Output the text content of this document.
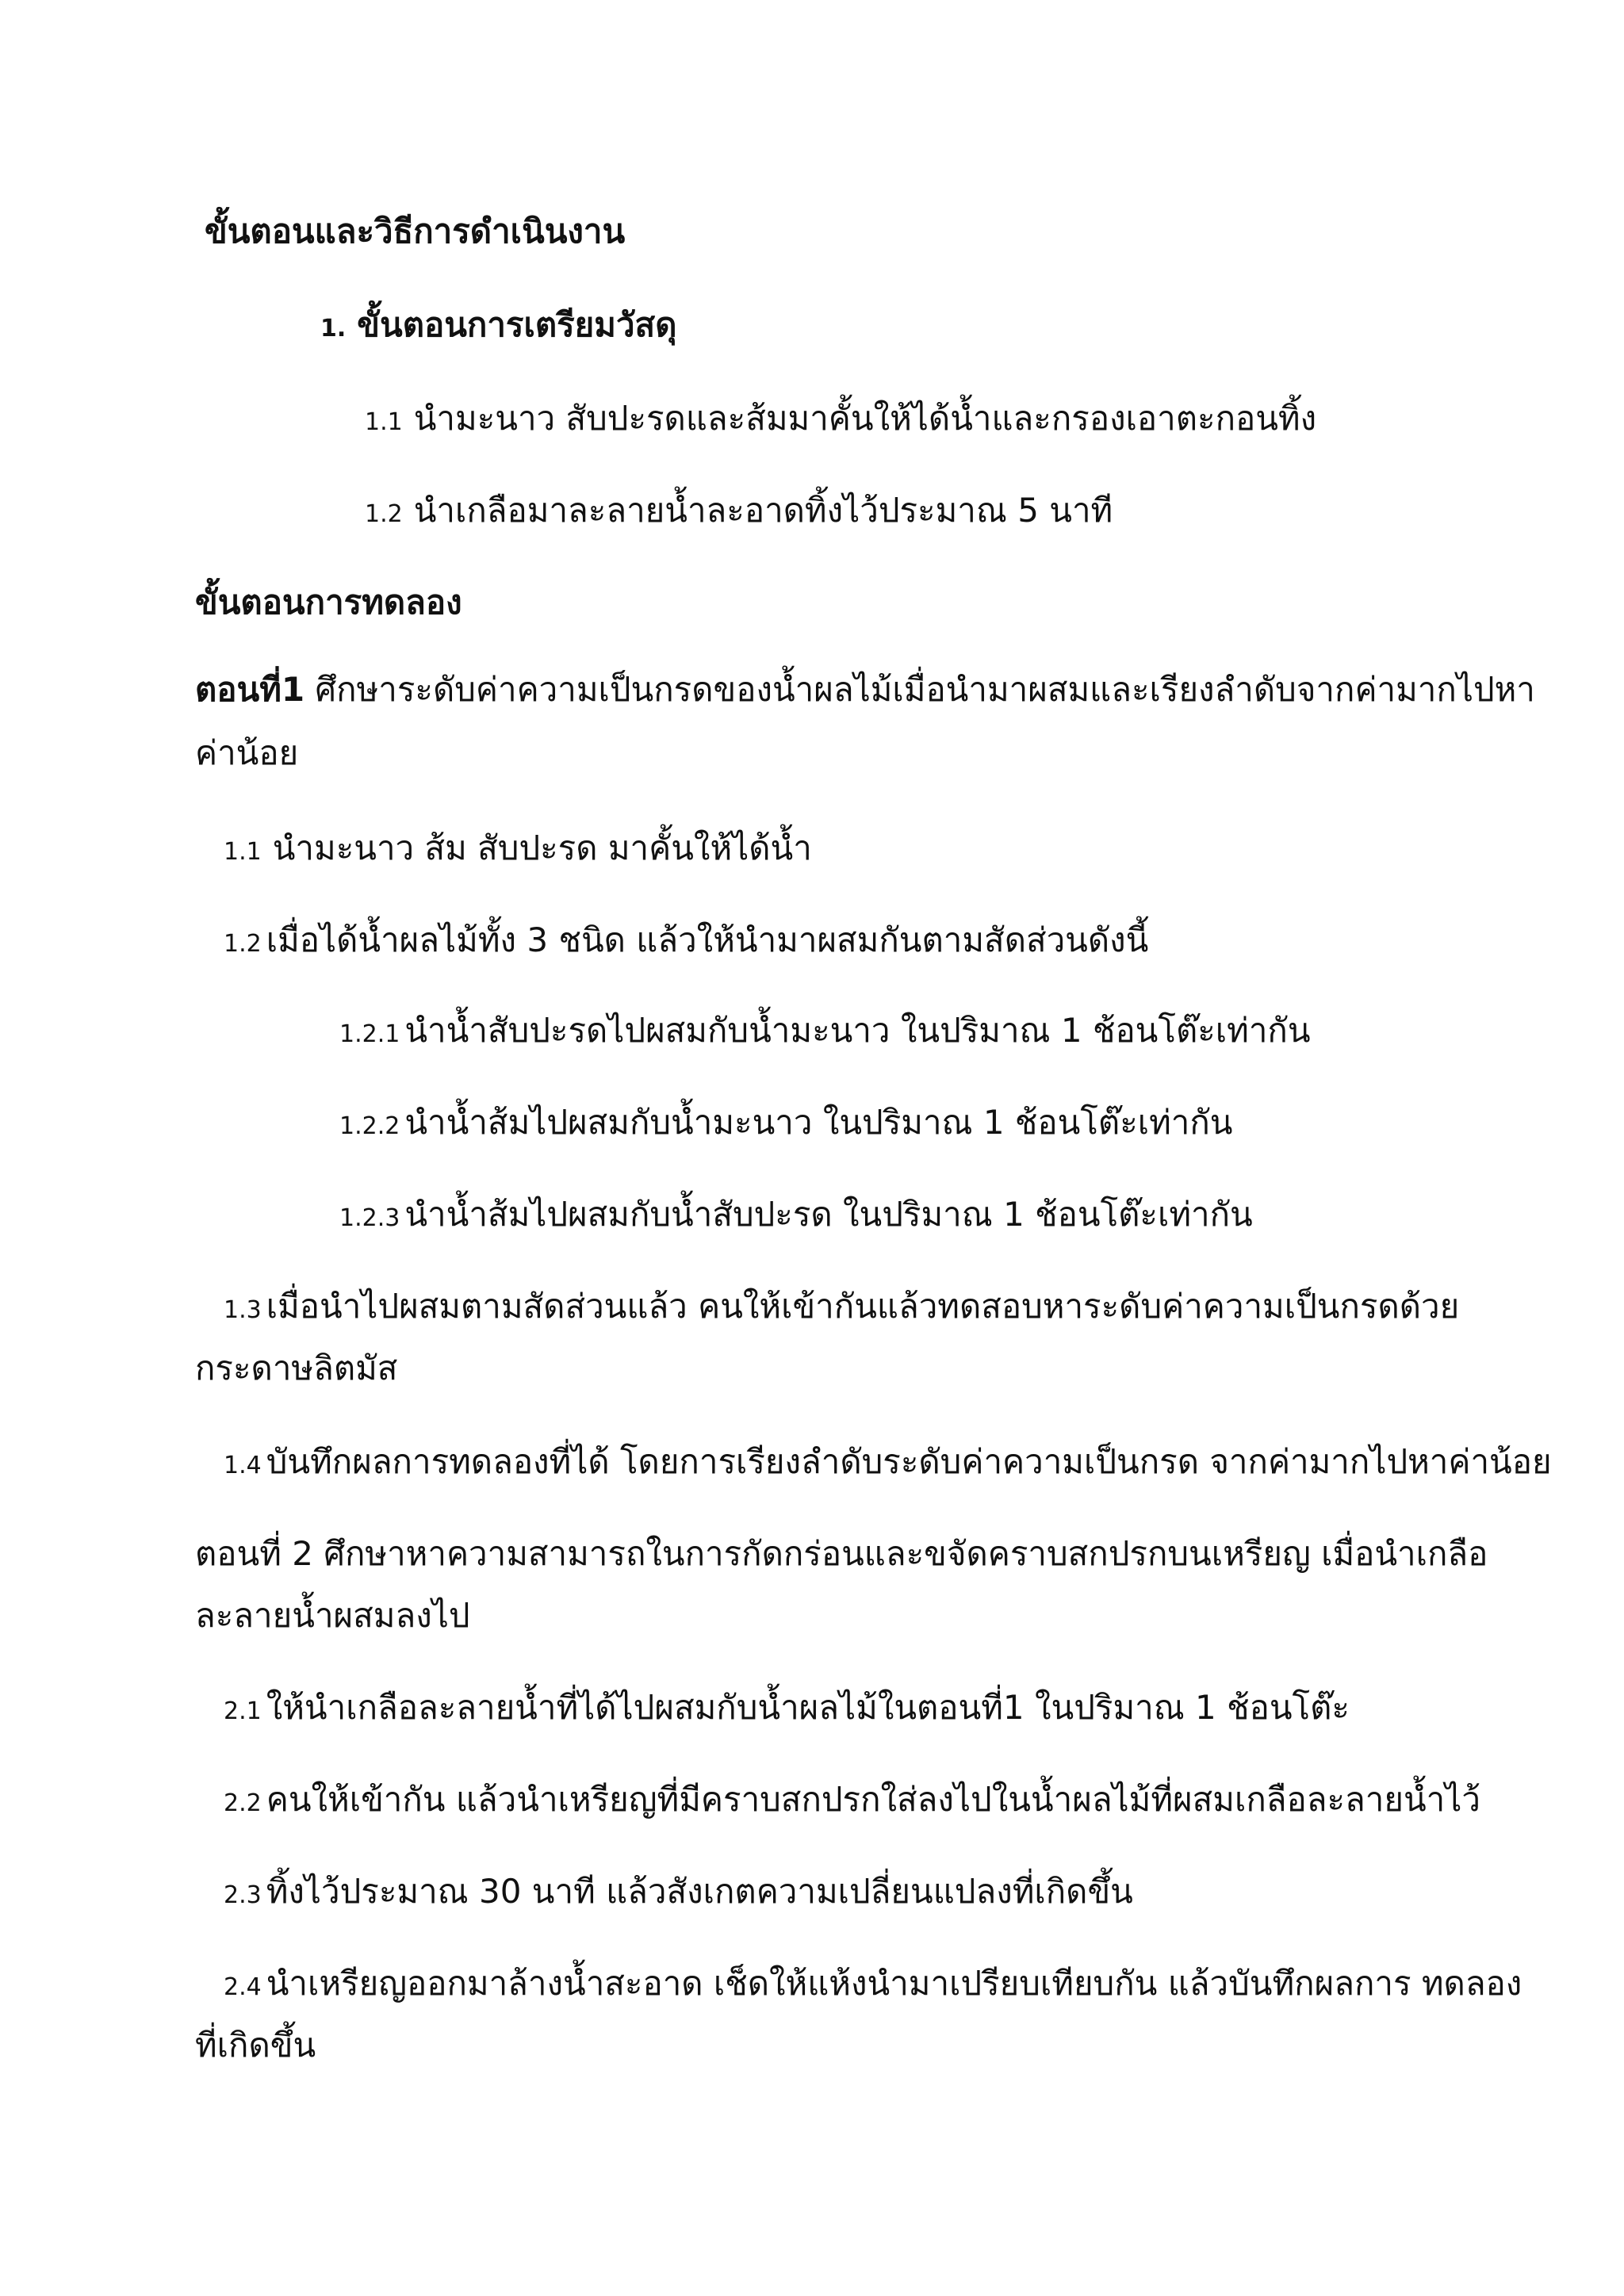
ขั้นตอนและวิธีการดำเนินงาน
1. ขั้นตอนการเตรียมวัสดุ
1.1 นำมะนาว สับปะรดและส้มมาคั้นให้ได้น้ำและกรองเอาตะกอนทิ้ง
1.2 นำเกลือมาละลายน้ำละอาดทิ้งไว้ประมาณ 5 นาที
ขั้นตอนการทดลอง
ตอนที่1 ศึกษาระดับค่าความเป็นกรดของน้ำผลไม้เมื่อนำมาผสมและเรียงลำดับจากค่ามากไปหา
ค่าน้อย
1.1 นำมะนาว ส้ม สับปะรด มาคั้นให้ได้น้ำ
1.2 เมื่อได้น้ำผลไม้ทั้ง 3 ชนิด แล้วให้นำมาผสมกันตามสัดส่วนดังนี้
1.2.1 นำน้ำสับปะรดไปผสมกับน้ำมะนาว ในปริมาณ 1 ช้อนโต๊ะเท่ากัน
1.2.2 นำน้ำส้มไปผสมกับน้ำมะนาว ในปริมาณ 1 ช้อนโต๊ะเท่ากัน
1.2.3 นำน้ำส้มไปผสมกับน้ำสับปะรด ในปริมาณ 1 ช้อนโต๊ะเท่ากัน
1.3 เมื่อนำไปผสมตามสัดส่วนแล้ว คนให้เข้ากันแล้วทดสอบหาระดับค่าความเป็นกรดด้วย
กระดาษลิตมัส
1.4 บันทึกผลการทดลองที่ได้ โดยการเรียงลำดับระดับค่าความเป็นกรด จากค่ามากไปหาค่าน้อย
ตอนที่ 2 ศึกษาหาความสามารถในการกัดกร่อนและขจัดคราบสกปรกบนเหรียญ เมื่อนำเกลือ
ละลายน้ำผสมลงไป
2.1 ให้นำเกลือละลายน้ำที่ได้ไปผสมกับน้ำผลไม้ในตอนที่1 ในปริมาณ 1 ช้อนโต๊ะ
2.2 คนให้เข้ากัน แล้วนำเหรียญที่มีคราบสกปรกใส่ลงไปในน้ำผลไม้ที่ผสมเกลือละลายน้ำไว้
2.3 ทิ้งไว้ประมาณ 30 นาที แล้วสังเกตความเปลี่ยนแปลงที่เกิดขึ้น
2.4 นำเหรียญออกมาล้างน้ำสะอาด เช็ดให้แห้งนำมาเปรียบเทียบกัน แล้วบันทึกผลการ ทดลอง
ที่เกิดขึ้น
